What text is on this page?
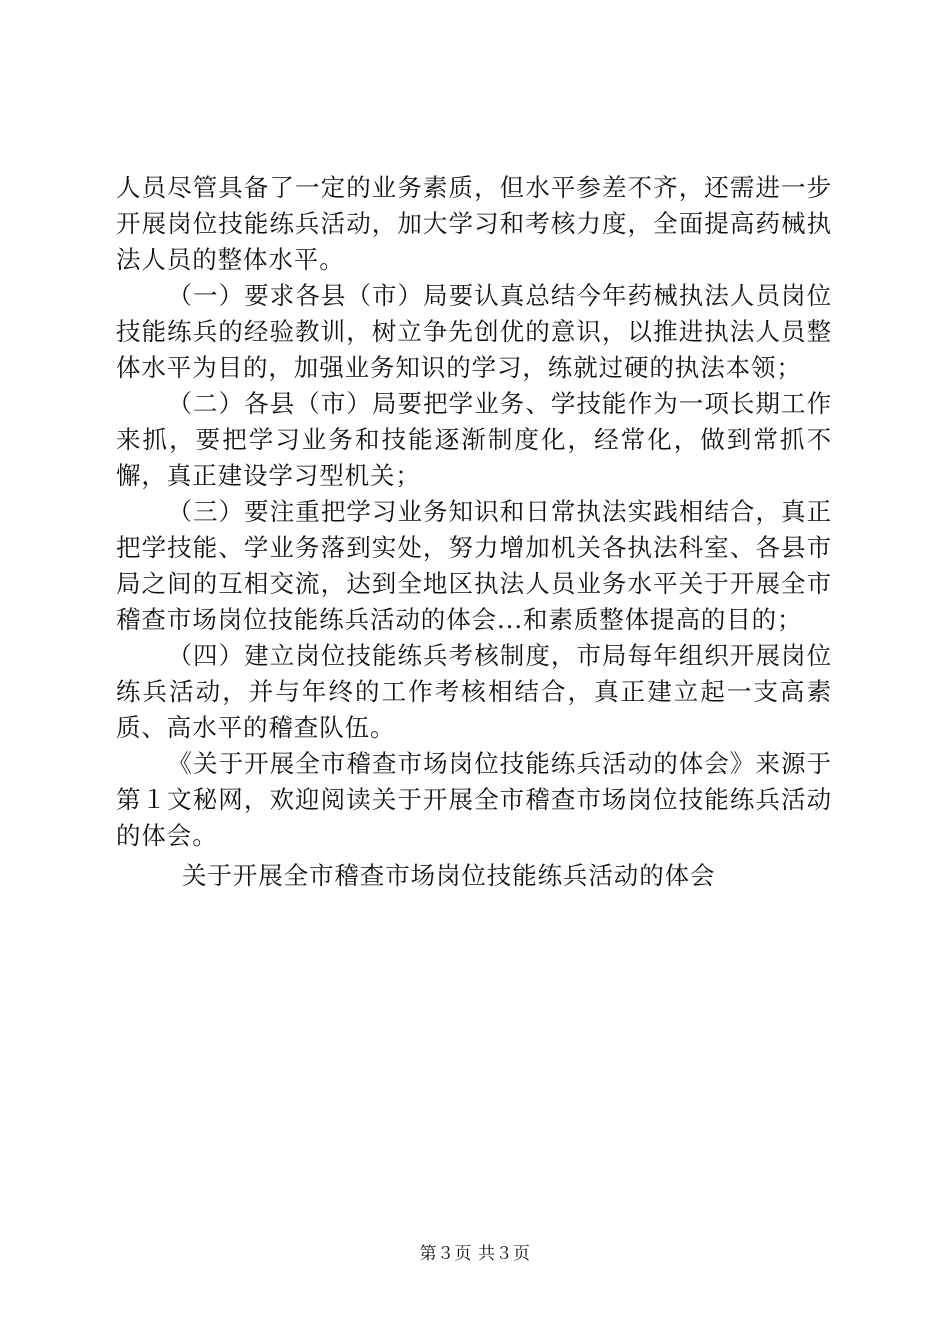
人员尽管具备了一定的业务素质，但水平参差不齐，还需进一步开展岗位技能练兵活动，加大学习和考核力度，全面提高药械执法人员的整体水平。

（一）要求各县（市）局要认真总结今年药械执法人员岗位技能练兵的经验教训，树立争先创优的意识，以推进执法人员整体水平为目的，加强业务知识的学习，练就过硬的执法本领；

（二）各县（市）局要把学业务、学技能作为一项长期工作来抓，要把学习业务和技能逐渐制度化，经常化，做到常抓不懈，真正建设学习型机关；

（三）要注重把学习业务知识和日常执法实践相结合，真正把学技能、学业务落到实处，努力增加机关各执法科室、各县市局之间的互相交流，达到全地区执法人员业务水平关于开展全市稽查市场岗位技能练兵活动的体会...和素质整体提高的目的；

（四）建立岗位技能练兵考核制度，市局每年组织开展岗位练兵活动，并与年终的工作考核相结合，真正建立起一支高素质、高水平的稽查队伍。

《关于开展全市稽查市场岗位技能练兵活动的体会》来源于第１文秘网，欢迎阅读关于开展全市稽查市场岗位技能练兵活动的体会。

关于开展全市稽查市场岗位技能练兵活动的体会

第３页 共３页
